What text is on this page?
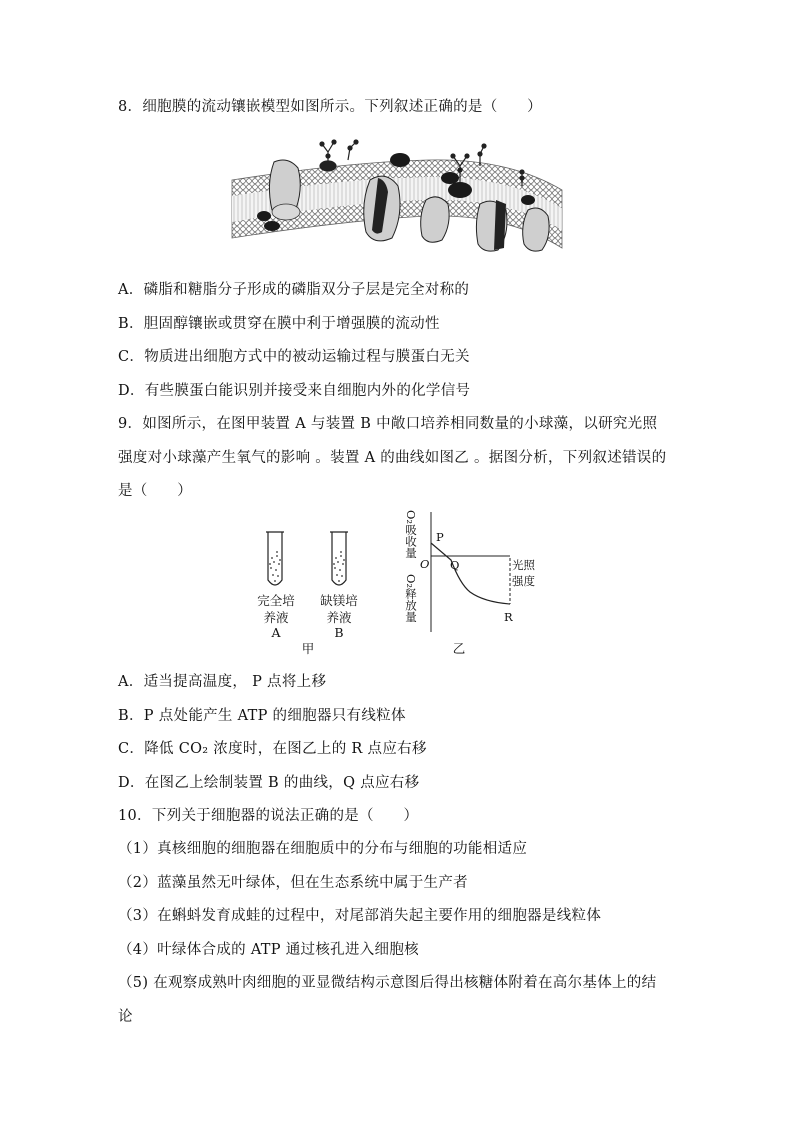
8．细胞膜的流动镶嵌模型如图所示。下列叙述正确的是（　　）
A．磷脂和糖脂分子形成的磷脂双分子层是完全对称的
B．胆固醇镶嵌或贯穿在膜中利于增强膜的流动性
C．物质进出细胞方式中的被动运输过程与膜蛋白无关
D．有些膜蛋白能识别并接受来自细胞内外的化学信号
9．如图所示，在图甲装置 A 与装置 B 中敞口培养相同数量的小球藻，以研究光照
强度对小球藻产生氧气的影响 。装置 A 的曲线如图乙 。据图分析，下列叙述错误的
是（　　）
完全培
养液
A
缺镁培
养液
B
甲	乙
O₂吸收量
O₂释放量
O
P
Q
R
光照
强度
A．适当提高温度， P 点将上移
B．P 点处能产生 ATP 的细胞器只有线粒体
C．降低 CO₂ 浓度时，在图乙上的 R 点应右移
D．在图乙上绘制装置 B 的曲线，Q 点应右移
10．下列关于细胞器的说法正确的是（　　）
（1）真核细胞的细胞器在细胞质中的分布与细胞的功能相适应
（2）蓝藻虽然无叶绿体，但在生态系统中属于生产者
（3）在蝌蚪发育成蛙的过程中，对尾部消失起主要作用的细胞器是线粒体
（4）叶绿体合成的 ATP 通过核孔进入细胞核
（5) 在观察成熟叶肉细胞的亚显微结构示意图后得出核糖体附着在高尔基体上的结
论
